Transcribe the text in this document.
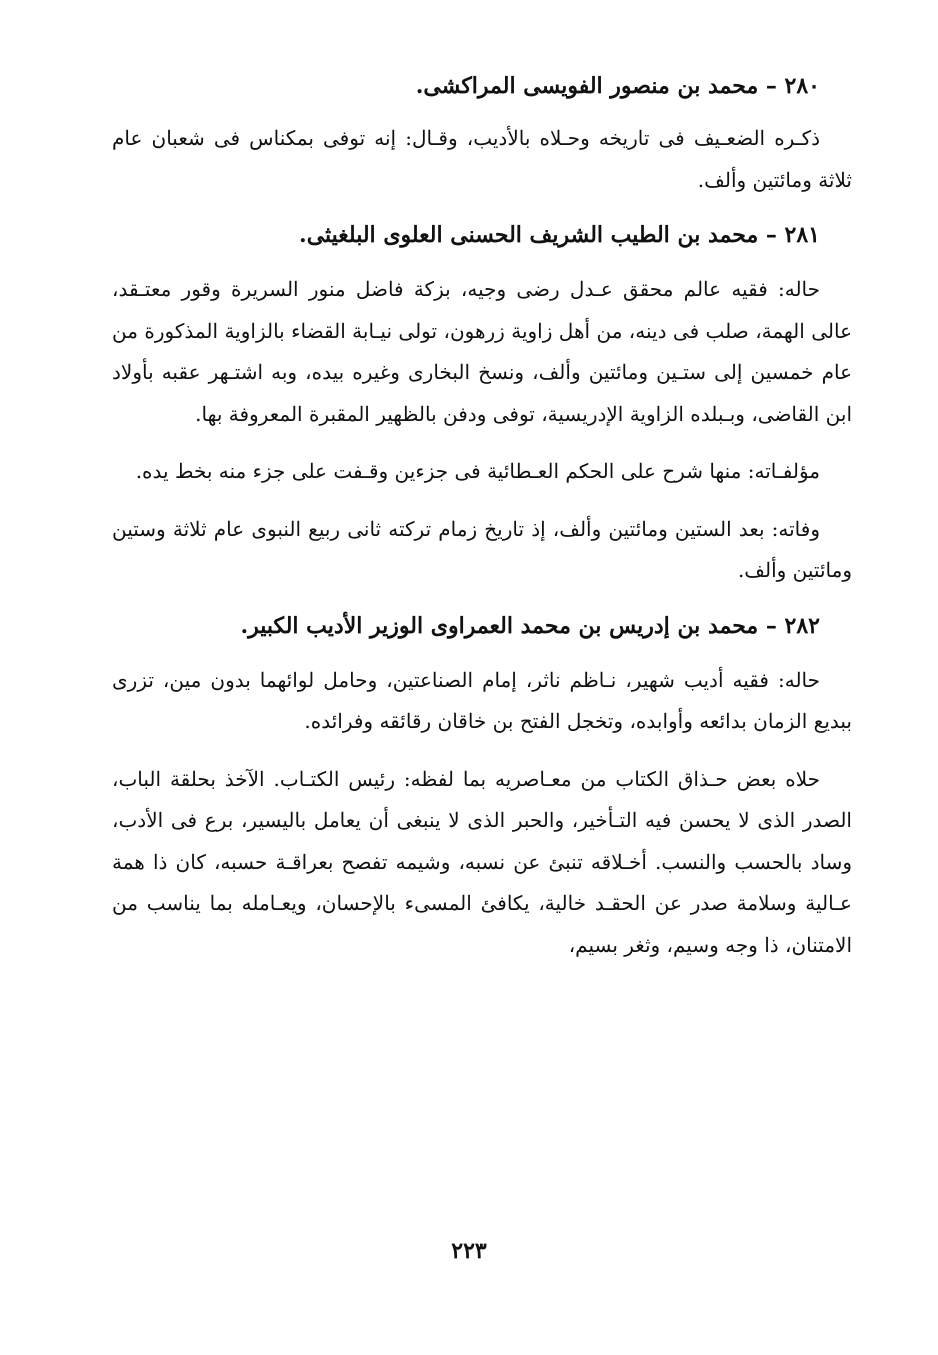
٢٨٠ – محمد بن منصور الفويسى المراكشى.
ذكـره الضعـيف فى تاريخه وحـلاه بالأديب، وقـال: إنه توفى بمكناس فى شعبان عام ثلاثة ومائتين وألف.
٢٨١ – محمد بن الطيب الشريف الحسنى العلوى البلغيثى.
حاله: فقيه عالم محقق عـدل رضى وجيه، بزكة فاضل منور السريرة وقور معتـقد، عالى الهمة، صلب فى دينه، من أهل زاوية زرهون، تولى نيـابة القضاء بالزاوية المذكورة من عام خمسين إلى ستـين ومائتين وألف، ونسخ البخارى وغيره بيده، وبه اشتـهر عقبه بأولاد ابن القاضى، وبـبلده الزاوية الإدريسية، توفى ودفن بالظهير المقبرة المعروفة بها.
مؤلفـاته: منها شرح على الحكم العـطائية فى جزءين وقـفت على جزء منه بخط يده.
وفاته: بعد الستين ومائتين وألف، إذ تاريخ زمام تركته ثانى ربيع النبوى عام ثلاثة وستين ومائتين وألف.
٢٨٢ – محمد بن إدريس بن محمد العمراوى الوزير الأديب الكبير.
حاله: فقيه أديب شهير، نـاظم ناثر، إمام الصناعتين، وحامل لوائهما بدون مين، تزرى ببديع الزمان بدائعه وأوابده، وتخجل الفتح بن خاقان رقائقه وفرائده.
حلاه بعض حـذاق الكتاب من معـاصريه بما لفظه: رئيس الكتـاب. الآخذ بحلقة الباب، الصدر الذى لا يحسن فيه التـأخير، والحبر الذى لا ينبغى أن يعامل باليسير، برع فى الأدب، وساد بالحسب والنسب. أخـلاقه تنبئ عن نسبه، وشيمه تفصح بعراقـة حسبه، كان ذا همة عـالية وسلامة صدر عن الحقـد خالية، يكافئ المسىء بالإحسان، ويعـامله بما يناسب من الامتنان، ذا وجه وسيم، وثغر بسيم،
٢٢٣
